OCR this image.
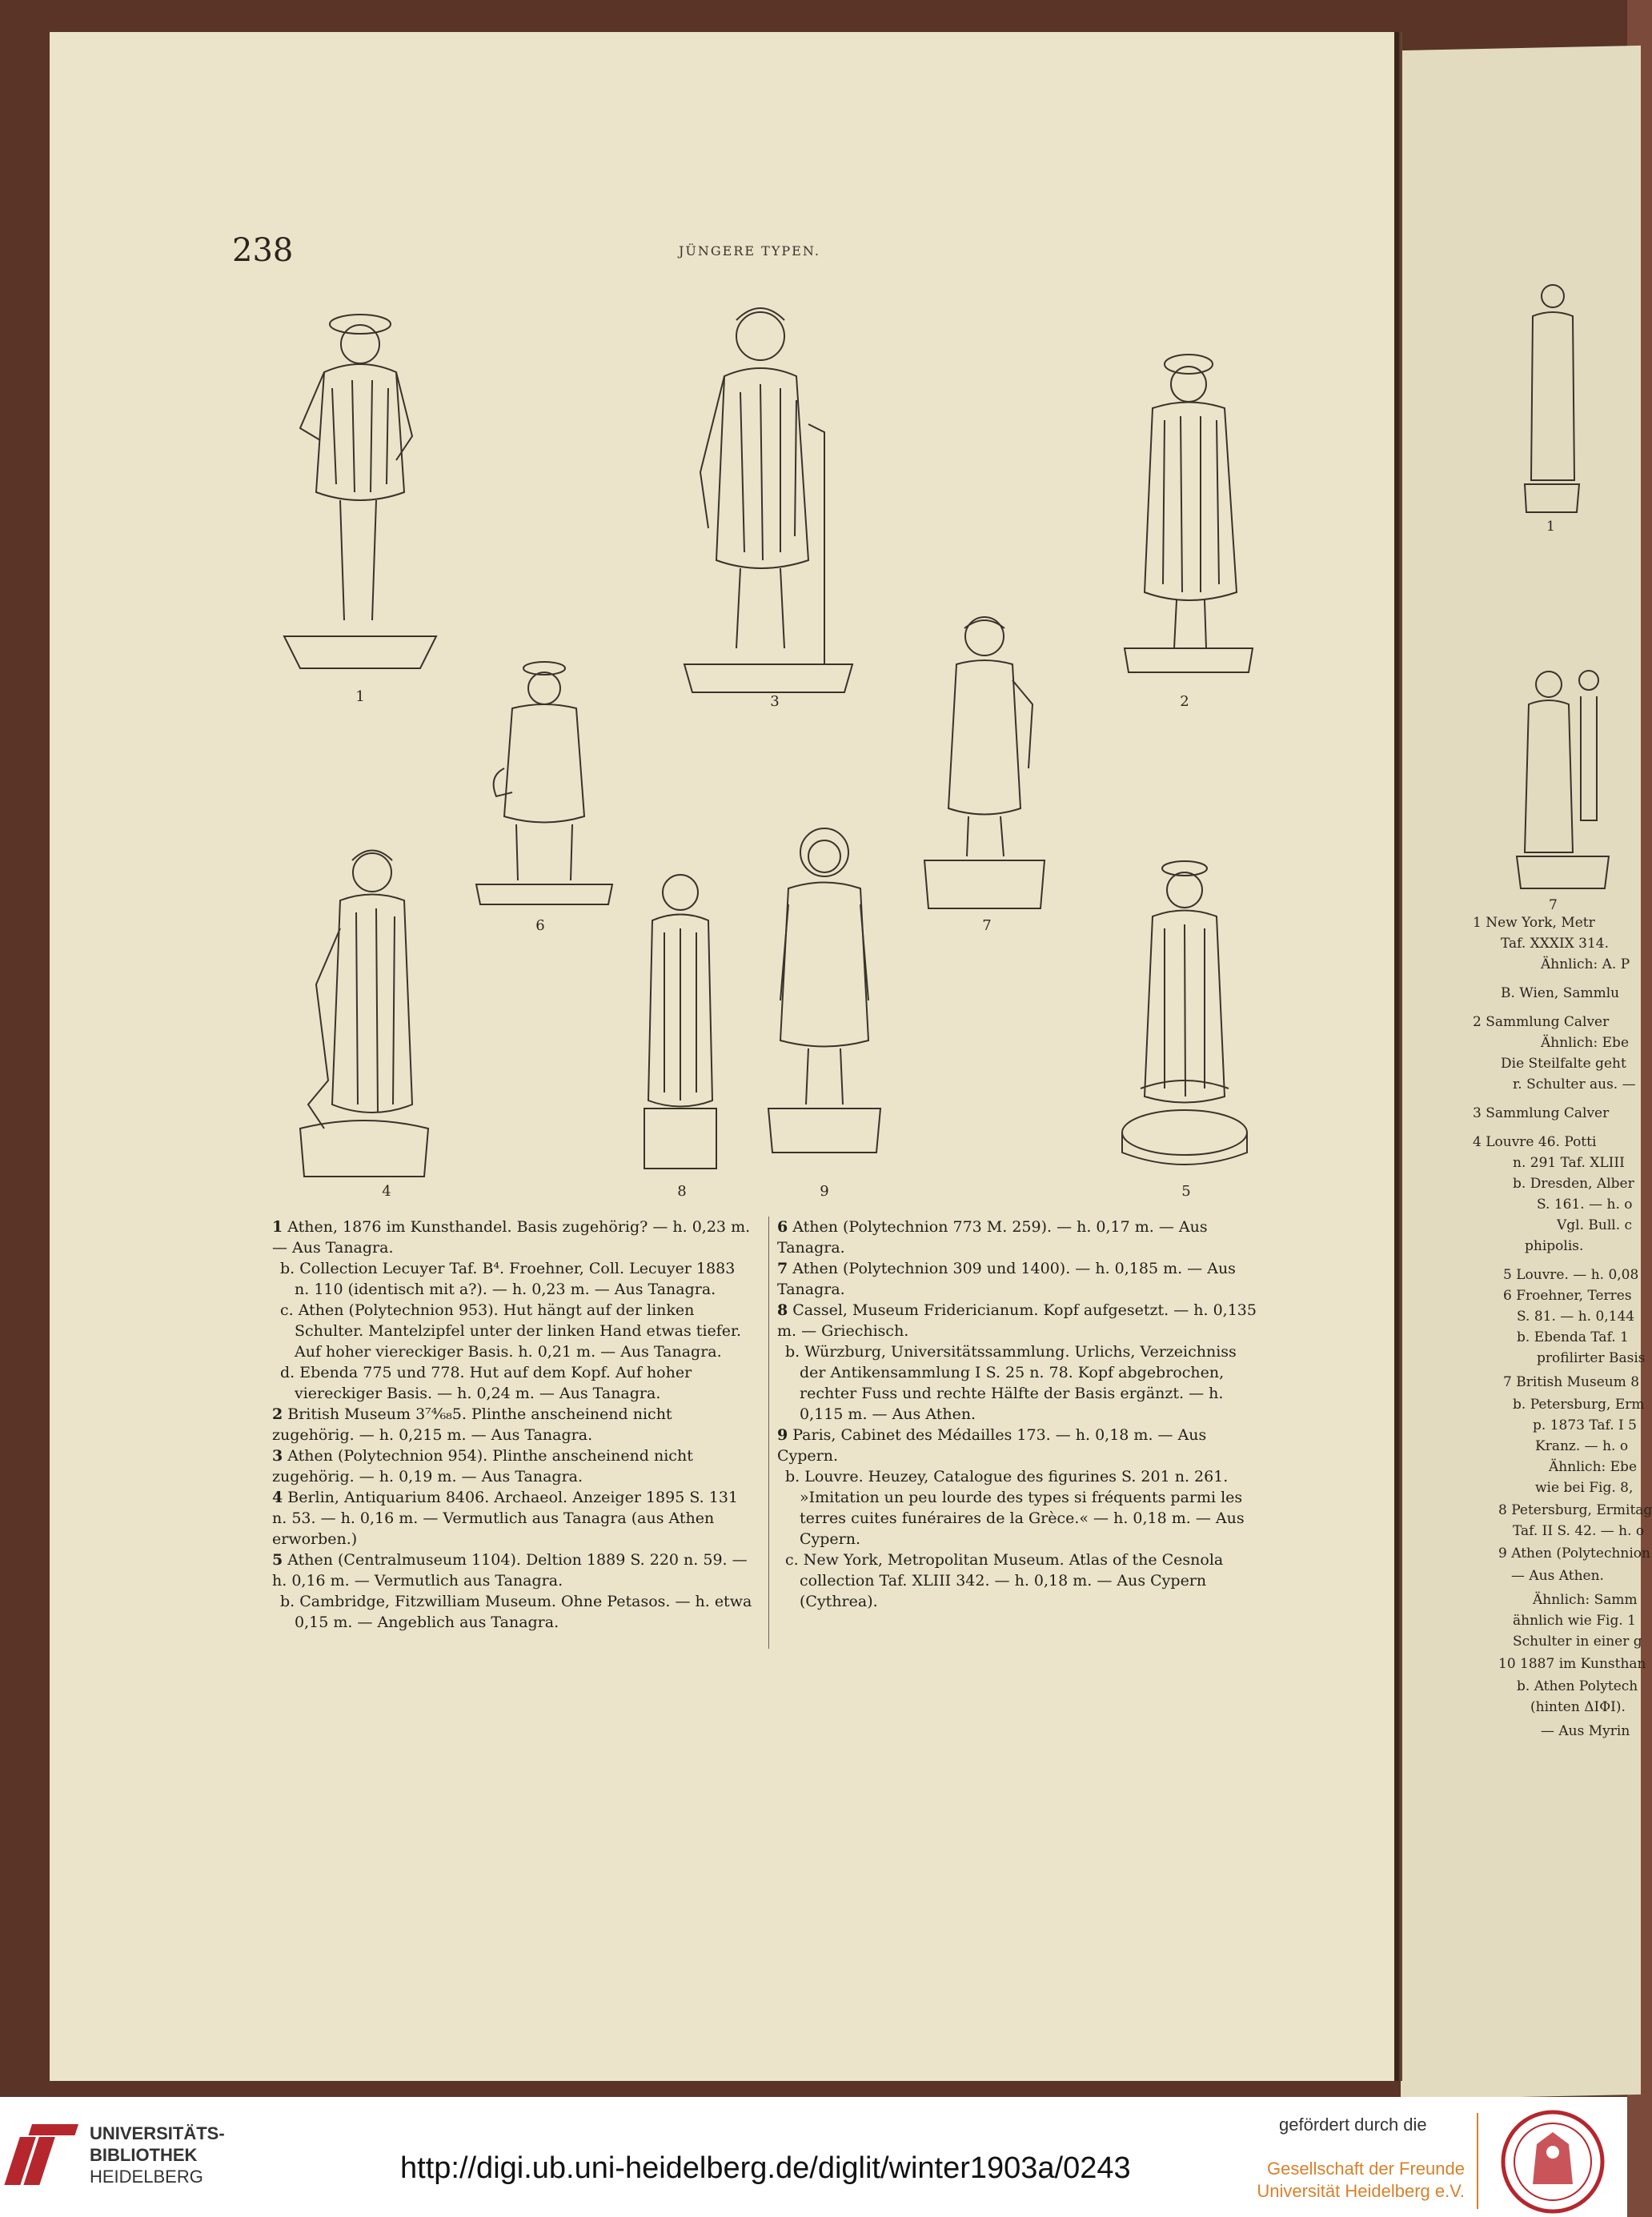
238	JÜNGERE TYPEN.
1	3	2
6	7
4	8	9	5

1 Athen, 1876 im Kunsthandel. Basis zugehörig? — h. 0,23 m. — Aus Tanagra.

b. Collection Lecuyer Taf. B⁴. Froehner, Coll. Lecuyer 1883 n. 110 (identisch mit a?). — h. 0,23 m. — Aus Tanagra.

c. Athen (Polytechnion 953). Hut hängt auf der linken Schulter. Mantelzipfel unter der linken Hand etwas tiefer. Auf hoher viereckiger Basis. h. 0,21 m. — Aus Tanagra.

d. Ebenda 775 und 778. Hut auf dem Kopf. Auf hoher viereckiger Basis. — h. 0,24 m. — Aus Tanagra.

2 British Museum 3⁷⁴⁄₆₈5. Plinthe anscheinend nicht zugehörig. — h. 0,215 m. — Aus Tanagra.

3 Athen (Polytechnion 954). Plinthe anscheinend nicht zugehörig. — h. 0,19 m. — Aus Tanagra.

4 Berlin, Antiquarium 8406. Archaeol. Anzeiger 1895 S. 131 n. 53. — h. 0,16 m. — Vermutlich aus Tanagra (aus Athen erworben.)

5 Athen (Centralmuseum 1104). Deltion 1889 S. 220 n. 59. — h. 0,16 m. — Vermutlich aus Tanagra.

b. Cambridge, Fitzwilliam Museum. Ohne Petasos. — h. etwa 0,15 m. — Angeblich aus Tanagra.

6 Athen (Polytechnion 773 M. 259). — h. 0,17 m. — Aus Tanagra.

7 Athen (Polytechnion 309 und 1400). — h. 0,185 m. — Aus Tanagra.

8 Cassel, Museum Fridericianum. Kopf aufgesetzt. — h. 0,135 m. — Griechisch.

b. Würzburg, Universitätssammlung. Urlichs, Verzeichniss der Antikensammlung I S. 25 n. 78. Kopf abgebrochen, rechter Fuss und rechte Hälfte der Basis ergänzt. — h. 0,115 m. — Aus Athen.

9 Paris, Cabinet des Médailles 173. — h. 0,18 m. — Aus Cypern.

b. Louvre. Heuzey, Catalogue des figurines S. 201 n. 261. »Imitation un peu lourde des types si fréquents parmi les terres cuites funéraires de la Grèce.« — h. 0,18 m. — Aus Cypern.

c. New York, Metropolitan Museum. Atlas of the Cesnola collection Taf. XLIII 342. — h. 0,18 m. — Aus Cypern (Cythrea).

1
7
1 New York, Metr
Taf. XXXIX 314.
Ähnlich: A. P
B. Wien, Sammlu
2 Sammlung Calver
Ähnlich: Ebe
Die Steilfalte geht
r. Schulter aus. —
3 Sammlung Calver
4 Louvre 46. Potti
n. 291 Taf. XLIII
b. Dresden, Alber
S. 161. — h. o
Vgl. Bull. c
phipolis.
5 Louvre. — h. 0,08
6 Froehner, Terres
S. 81. — h. 0,144
b. Ebenda Taf. 1
profilirter Basis
7 British Museum 8
b. Petersburg, Erm
p. 1873 Taf. I 5
Kranz. — h. o
Ähnlich: Ebe
wie bei Fig. 8,
8 Petersburg, Ermitag
Taf. II S. 42. — h. o
9 Athen (Polytechnion
— Aus Athen.
Ähnlich: Samm
ähnlich wie Fig. 1
Schulter in einer g
10 1887 im Kunsthan
b. Athen Polytech
(hinten ΔΙΦΙ).
— Aus Myrin
UNIVERSITÄTS-
BIBLIOTHEK
HEIDELBERG	http://digi.ub.uni-heidelberg.de/diglit/winter1903a/0243
gefördert durch die
Gesellschaft der Freunde
Universität Heidelberg e.V.
